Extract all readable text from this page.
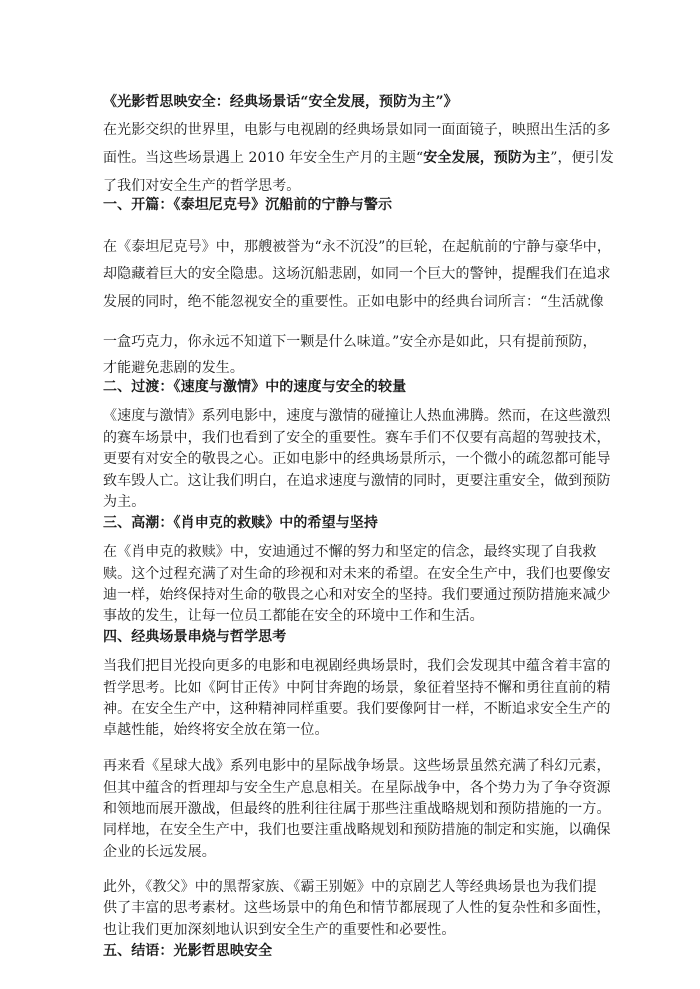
《光影哲思映安全：经典场景话“安全发展，预防为主”》
在光影交织的世界里，电影与电视剧的经典场景如同一面面镜子，映照出生活的多
面性。当这些场景遇上 2010 年安全生产月的主题“安全发展，预防为主”，便引发
了我们对安全生产的哲学思考。
一、开篇：《泰坦尼克号》沉船前的宁静与警示
在《泰坦尼克号》中，那艘被誉为“永不沉没”的巨轮，在起航前的宁静与豪华中，
却隐藏着巨大的安全隐患。这场沉船悲剧，如同一个巨大的警钟，提醒我们在追求
发展的同时，绝不能忽视安全的重要性。正如电影中的经典台词所言：“生活就像
一盒巧克力，你永远不知道下一颗是什么味道。”安全亦是如此，只有提前预防，
才能避免悲剧的发生。
二、过渡：《速度与激情》中的速度与安全的较量
《速度与激情》系列电影中，速度与激情的碰撞让人热血沸腾。然而，在这些激烈
的赛车场景中，我们也看到了安全的重要性。赛车手们不仅要有高超的驾驶技术，
更要有对安全的敬畏之心。正如电影中的经典场景所示，一个微小的疏忽都可能导
致车毁人亡。这让我们明白，在追求速度与激情的同时，更要注重安全，做到预防
为主。
三、高潮：《肖申克的救赎》中的希望与坚持
在《肖申克的救赎》中，安迪通过不懈的努力和坚定的信念，最终实现了自我救
赎。这个过程充满了对生命的珍视和对未来的希望。在安全生产中，我们也要像安
迪一样，始终保持对生命的敬畏之心和对安全的坚持。我们要通过预防措施来减少
事故的发生，让每一位员工都能在安全的环境中工作和生活。
四、经典场景串烧与哲学思考
当我们把目光投向更多的电影和电视剧经典场景时，我们会发现其中蕴含着丰富的
哲学思考。比如《阿甘正传》中阿甘奔跑的场景，象征着坚持不懈和勇往直前的精
神。在安全生产中，这种精神同样重要。我们要像阿甘一样，不断追求安全生产的
卓越性能，始终将安全放在第一位。
再来看《星球大战》系列电影中的星际战争场景。这些场景虽然充满了科幻元素，
但其中蕴含的哲理却与安全生产息息相关。在星际战争中，各个势力为了争夺资源
和领地而展开激战，但最终的胜利往往属于那些注重战略规划和预防措施的一方。
同样地，在安全生产中，我们也要注重战略规划和预防措施的制定和实施，以确保
企业的长远发展。
此外，《教父》中的黑帮家族、《霸王别姬》中的京剧艺人等经典场景也为我们提
供了丰富的思考素材。这些场景中的角色和情节都展现了人性的复杂性和多面性，
也让我们更加深刻地认识到安全生产的重要性和必要性。
五、结语：光影哲思映安全
